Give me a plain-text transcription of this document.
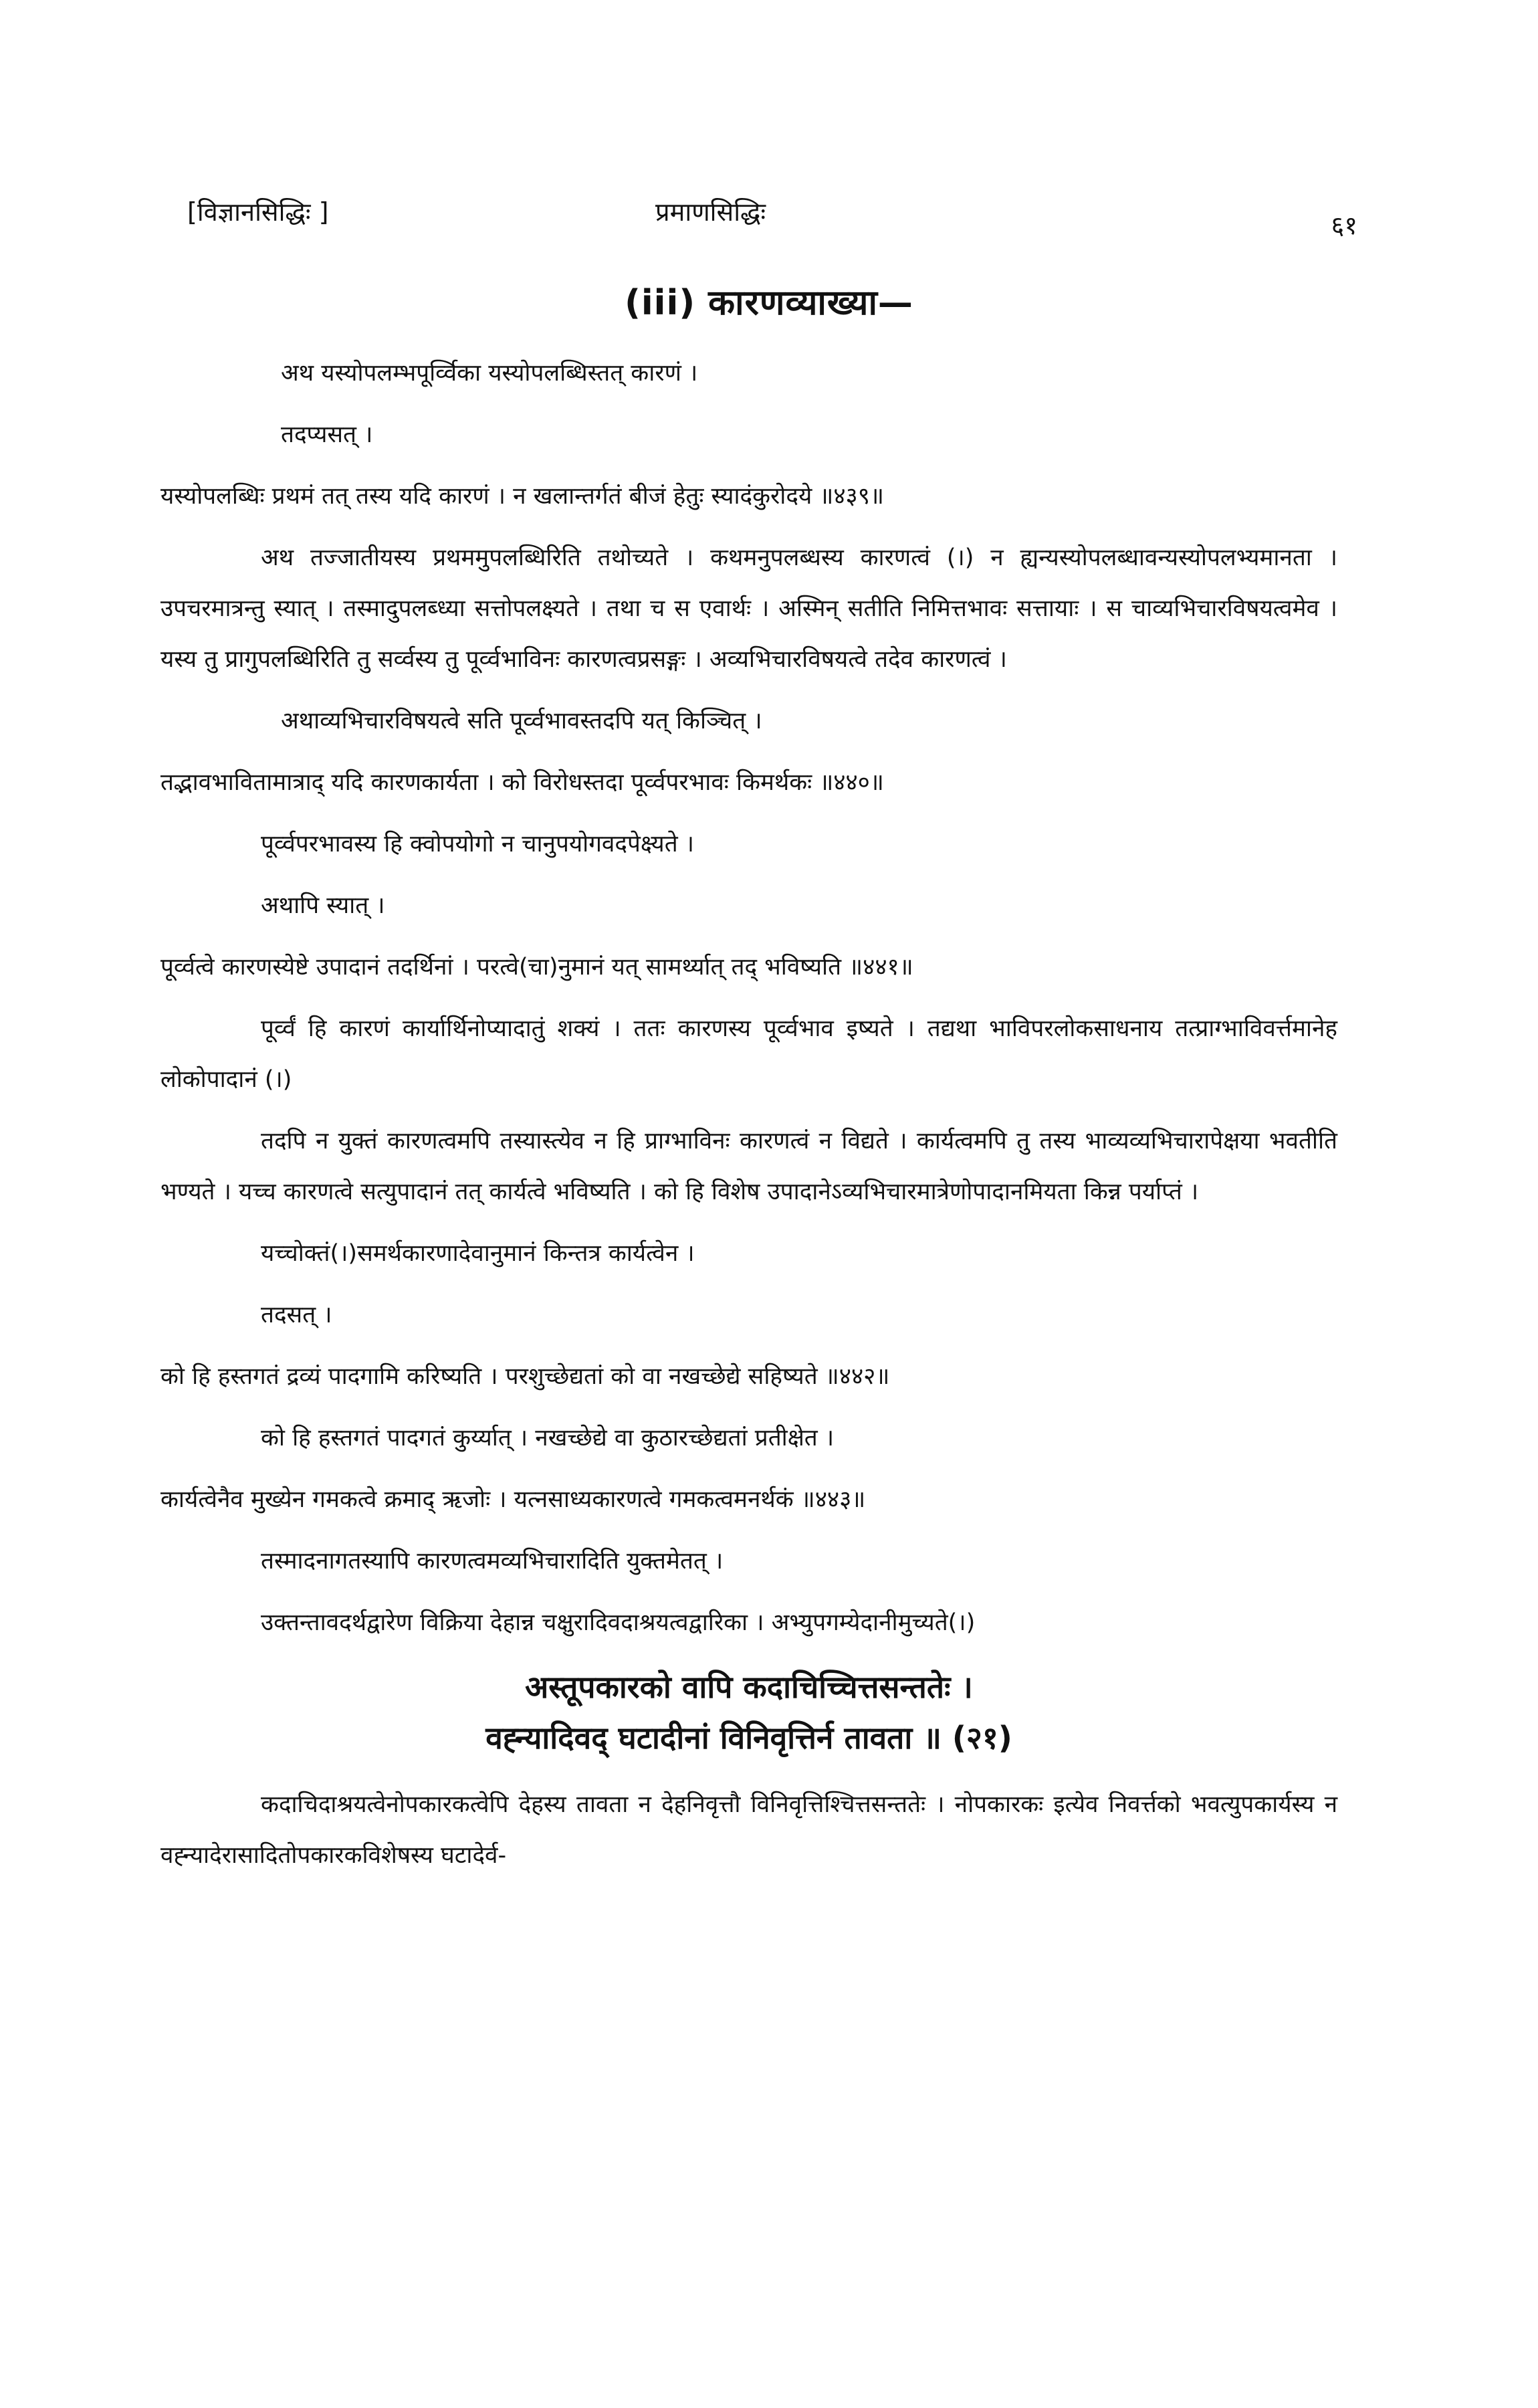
[विज्ञानसिद्धिः ]	प्रमाणसिद्धिः	६१
(iii) कारणव्याख्या—

अथ यस्योपलम्भपूर्व्विका यस्योपलब्धिस्तत् कारणं ।

तदप्यसत् ।

यस्योपलब्धिः प्रथमं तत् तस्य यदि कारणं । न खलान्तर्गतं बीजं हेतुः स्यादंकुरोदये ॥४३९॥

अथ तज्जातीयस्य प्रथममुपलब्धिरिति तथोच्यते । कथमनुपलब्धस्य कारणत्वं (।) न ह्यन्यस्योपलब्धावन्यस्योपलभ्यमानता । उपचरमात्रन्तु स्यात् । तस्मादुपलब्ध्या सत्तोपलक्ष्यते । तथा च स एवार्थः । अस्मिन् सतीति निमित्तभावः सत्तायाः । स चाव्यभिचारविषयत्वमेव । यस्य तु प्रागुपलब्धिरिति तु सर्व्वस्य तु पूर्व्वभाविनः कारणत्वप्रसङ्गः । अव्यभिचारविषयत्वे तदेव कारणत्वं ।

अथाव्यभिचारविषयत्वे सति पूर्व्वभावस्तदपि यत् किञ्चित् ।

तद्भावभावितामात्राद् यदि कारणकार्यता । को विरोधस्तदा पूर्व्वपरभावः किमर्थकः ॥४४०॥

पूर्व्वपरभावस्य हि क्वोपयोगो न चानुपयोगवदपेक्ष्यते ।

अथापि स्यात् ।

पूर्व्वत्वे कारणस्येष्टे उपादानं तदर्थिनां । परत्वे(चा)नुमानं यत् सामर्थ्यात् तद् भविष्यति ॥४४१॥

पूर्व्वं हि कारणं कार्यार्थिनोप्यादातुं शक्यं । ततः कारणस्य पूर्व्वभाव इष्यते । तद्यथा भाविपरलोकसाधनाय तत्प्राग्भाविवर्त्तमानेह लोकोपादानं (।)

तदपि न युक्तं कारणत्वमपि तस्यास्त्येव न हि प्राग्भाविनः कारणत्वं न विद्यते । कार्यत्वमपि तु तस्य भाव्यव्यभिचारापेक्षया भवतीति भण्यते । यच्च कारणत्वे सत्युपादानं तत् कार्यत्वे भविष्यति । को हि विशेष उपादानेऽव्यभिचारमात्रेणोपादानमियता किन्न पर्याप्तं ।

यच्चोक्तं(।)समर्थकारणादेवानुमानं किन्तत्र कार्यत्वेन ।

तदसत् ।

को हि हस्तगतं द्रव्यं पादगामि करिष्यति । परशुच्छेद्यतां को वा नखच्छेद्ये सहिष्यते ॥४४२॥

को हि हस्तगतं पादगतं कुर्य्यात् । नखच्छेद्ये वा कुठारच्छेद्यतां प्रतीक्षेत ।

कार्यत्वेनैव मुख्येन गमकत्वे क्रमाद् ऋजोः । यत्नसाध्यकारणत्वे गमकत्वमनर्थकं ॥४४३॥

तस्मादनागतस्यापि कारणत्वमव्यभिचारादिति युक्तमेतत् ।

उक्तन्तावदर्थद्वारेण विक्रिया देहान्न चक्षुरादिवदाश्रयत्वद्वारिका । अभ्युपगम्येदानीमुच्यते(।)

अस्तूपकारको वापि कदाचिच्चित्तसन्ततेः ।
वह्न्यादिवद् घटादीनां विनिवृत्तिर्न तावता ॥ (२१)

कदाचिदाश्रयत्वेनोपकारकत्वेपि देहस्य तावता न देहनिवृत्तौ विनिवृत्तिश्चित्तसन्ततेः । नोपकारकः इत्येव निवर्त्तको भवत्युपकार्यस्य न वह्न्यादेरासादितोपकारकविशेषस्य घटादेर्व-
